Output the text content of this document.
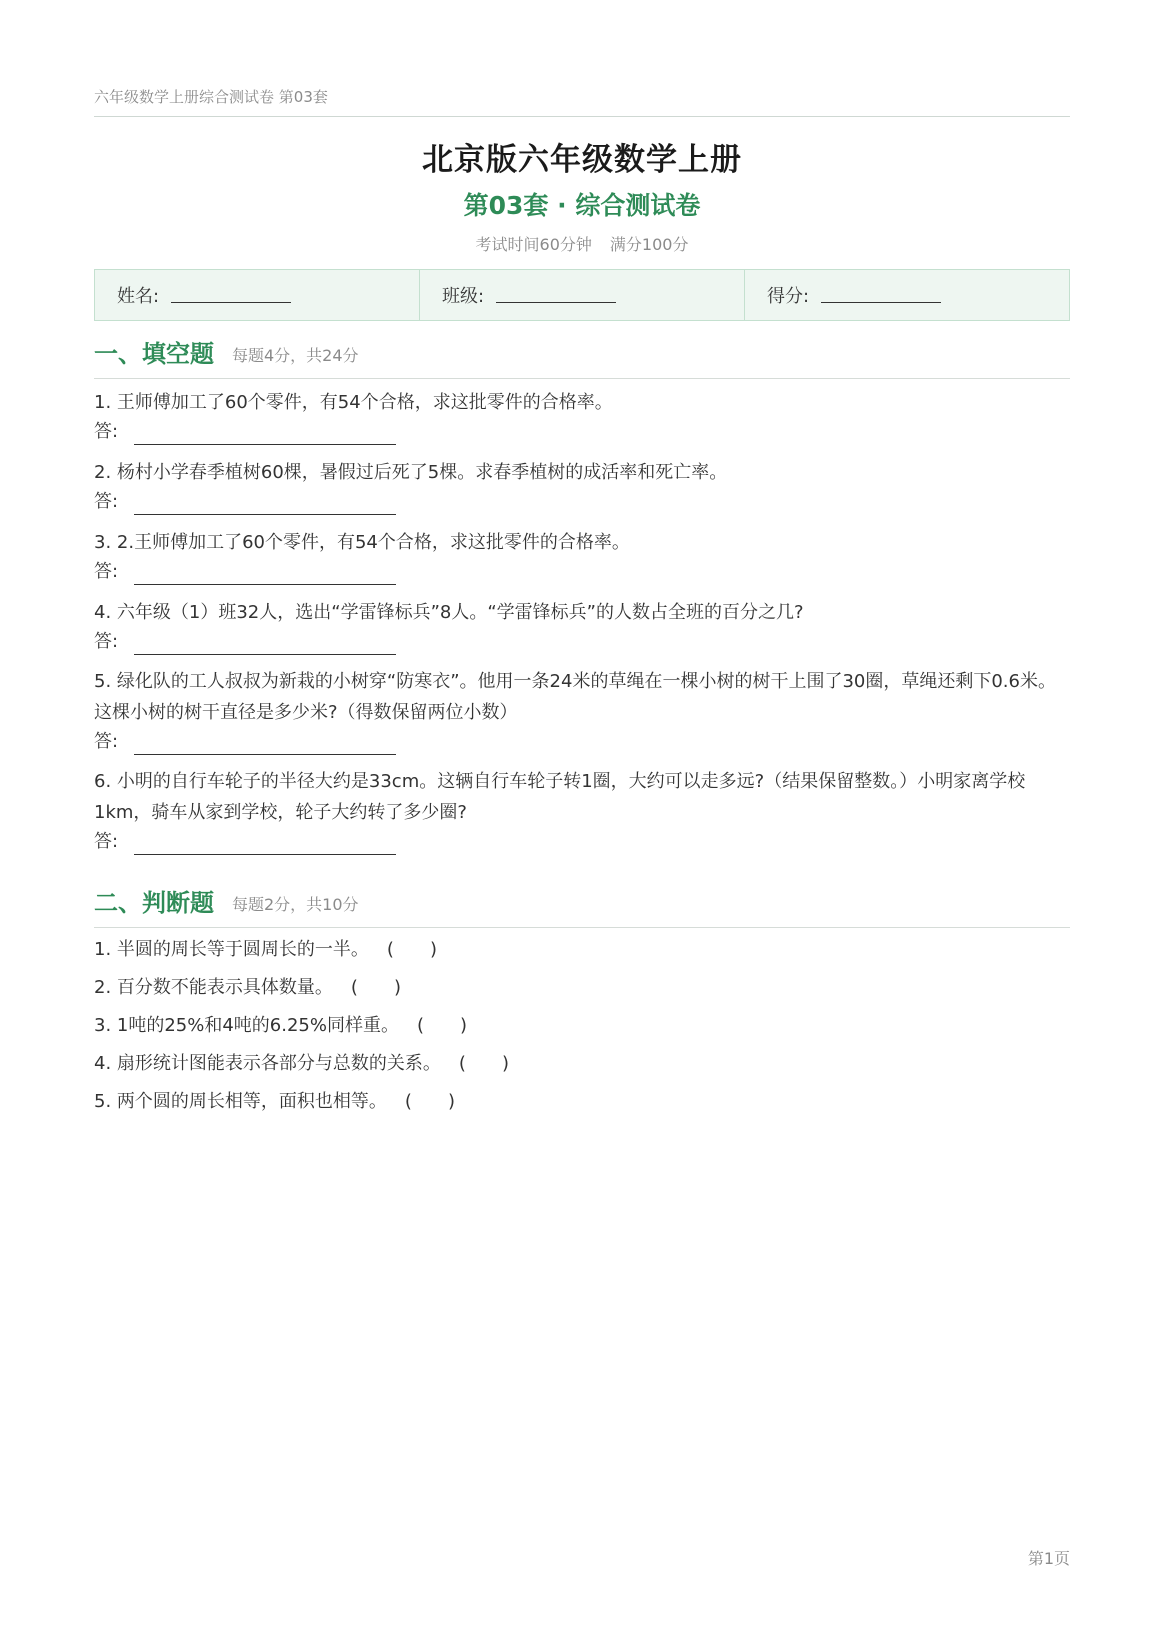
六年级数学上册综合测试卷 第03套
北京版六年级数学上册
第03套 · 综合测试卷
考试时间60分钟 满分100分
姓名:	班级:	得分:
一、填空题 每题4分，共24分
1. 王师傅加工了60个零件，有54个合格，求这批零件的合格率。
答:
2. 杨村小学春季植树60棵，暑假过后死了5棵。求春季植树的成活率和死亡率。
答:
3. 2.王师傅加工了60个零件，有54个合格，求这批零件的合格率。
答:
4. 六年级（1）班32人，选出“学雷锋标兵”8人。“学雷锋标兵”的人数占全班的百分之几?
答:
5. 绿化队的工人叔叔为新栽的小树穿“防寒衣”。他用一条24米的草绳在一棵小树的树干上围了30圈，草绳还剩下0.6米。这棵小树的树干直径是多少米?（得数保留两位小数）
答:
6. 小明的自行车轮子的半径大约是33cm。这辆自行车轮子转1圈，大约可以走多远?（结果保留整数。）小明家离学校1km，骑车从家到学校，轮子大约转了多少圈?
答:
二、判断题 每题2分，共10分
1. 半圆的周长等于圆周长的一半。 ( )
2. 百分数不能表示具体数量。 ( )
3. 1吨的25%和4吨的6.25%同样重。 ( )
4. 扇形统计图能表示各部分与总数的关系。 ( )
5. 两个圆的周长相等，面积也相等。 ( )
第1页
